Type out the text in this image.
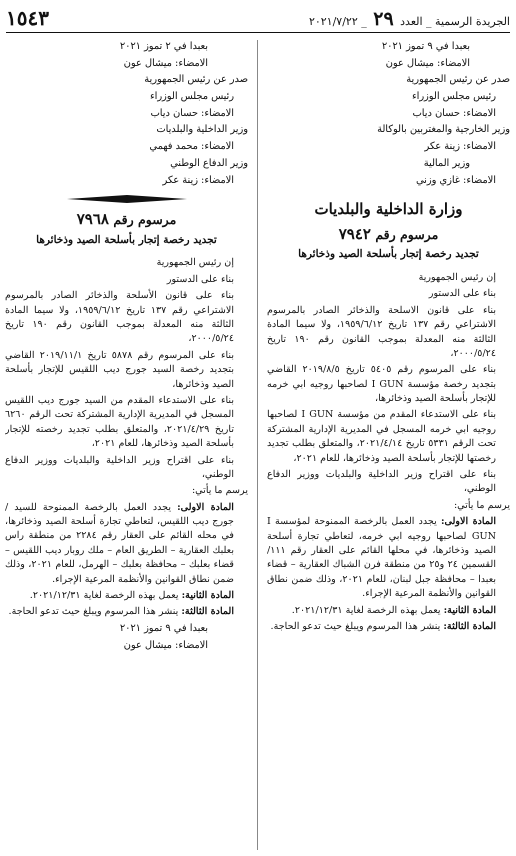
الجريدة الرسمية _ العدد ٢٩ _ ٢٠٢١/٧/٢٢
١٥٤٣

بعبدا في ٩ تموز ٢٠٢١

الامضاء: ميشال عون

صدر عن رئيس الجمهورية

رئيس مجلس الوزراء

الامضاء: حسان دياب

وزير الخارجية والمغتربين بالوكالة

الامضاء: زينة عكر

وزير المالية

الامضاء: غازي وزني

وزارة الداخلية والبلديات
مرسوم رقم ٧٩٤٢
تجديد رخصة إتجار بأسلحة الصيد وذخائرها

إن رئيس الجمهورية

بناء على الدستور

بناء على قانون الاسلحة والذخائر الصادر بالمرسوم الاشتراعي رقم ١٣٧ تاريخ ١٩٥٩/٦/١٢، ولا سيما المادة الثالثة منه المعدلة بموجب القانون رقم ١٩٠ تاريخ ٢٠٠٠/٥/٢٤،

بناء على المرسوم رقم ٥٤٠٥ تاريخ ٢٠١٩/٨/٥ القاضي بتجديد رخصة مؤسسة I GUN لصاحبها روجيه ابي خرمه للإتجار بأسلحة الصيد وذخائرها،

بناء على الاستدعاء المقدم من مؤسسة I GUN لصاحبها روجيه ابي خرمه المسجل في المديرية الإدارية المشتركة تحت الرقم ٥٣٣١ تاريخ ٢٠٢١/٤/١٤، والمتعلق بطلب تجديد رخصتها للإتجار بأسلحة الصيد وذخائرها، للعام ٢٠٢١،

بناء على اقتراح وزير الداخلية والبلديات ووزير الدفاع الوطني،

يرسم ما يأتي:

المادة الاولى: يجدد العمل بالرخصة الممنوحة لمؤسسة I GUN لصاحبها روجيه ابي خرمه، لتعاطي تجارة أسلحة الصيد وذخائرها، في محلها القائم على العقار رقم ١١١/ القسمين ٢٤ و٢٥ من منطقة فرن الشباك العقارية – قضاء بعبدا – محافظة جبل لبنان، للعام ٢٠٢١، وذلك ضمن نطاق القوانين والأنظمة المرعية الإجراء.

المادة الثانية: يعمل بهذه الرخصة لغاية ٢٠٢١/١٢/٣١.

المادة الثالثة: ينشر هذا المرسوم ويبلغ حيث تدعو الحاجة.

بعبدا في ٢ تموز ٢٠٢١

الامضاء: ميشال عون

صدر عن رئيس الجمهورية

رئيس مجلس الوزراء

الامضاء: حسان دياب

وزير الداخلية والبلديات

الامضاء: محمد فهمي

وزير الدفاع الوطني

الامضاء: زينة عكر

مرسوم رقم ٧٩٦٨
تجديد رخصة إتجار بأسلحة الصيد وذخائرها

إن رئيس الجمهورية

بناء على الدستور

بناء على قانون الأسلحة والذخائر الصادر بالمرسوم الاشتراعي رقم ١٣٧ تاريخ ١٩٥٩/٦/١٢، ولا سيما المادة الثالثة منه المعدلة بموجب القانون رقم ١٩٠ تاريخ ٢٠٠٠/٥/٢٤،

بناء على المرسوم رقم ٥٨٧٨ تاريخ ٢٠١٩/١١/١ القاضي بتجديد رخصة السيد جورج ديب اللقيس للإتجار بأسلحة الصيد وذخائرها،

بناء على الاستدعاء المقدم من السيد جورج ديب اللقيس المسجل في المديرية الإدارية المشتركة تحت الرقم ٦٢٦٠ تاريخ ٢٠٢١/٤/٢٩، والمتعلق بطلب تجديد رخصته للإتجار بأسلحة الصيد وذخائرها، للعام ٢٠٢١،

بناء على اقتراح وزير الداخلية والبلديات ووزير الدفاع الوطني،

يرسم ما يأتي:

المادة الاولى: يجدد العمل بالرخصة الممنوحة للسيد /جورج ديب اللقيس، لتعاطي تجارة أسلحة الصيد وذخائرها، في محله القائم على العقار رقم ٢٢٨٤ من منطقة راس بعلبك العقارية – الطريق العام – ملك روبار ديب اللقيس – قضاء بعلبك – محافظة بعلبك – الهرمل، للعام ٢٠٢١، وذلك ضمن نطاق القوانين والأنظمة المرعية الإجراء.

المادة الثانية: يعمل بهذه الرخصة لغاية ٢٠٢١/١٢/٣١.

المادة الثالثة: ينشر هذا المرسوم ويبلغ حيث تدعو الحاجة.

بعبدا في ٩ تموز ٢٠٢١

الامضاء: ميشال عون
